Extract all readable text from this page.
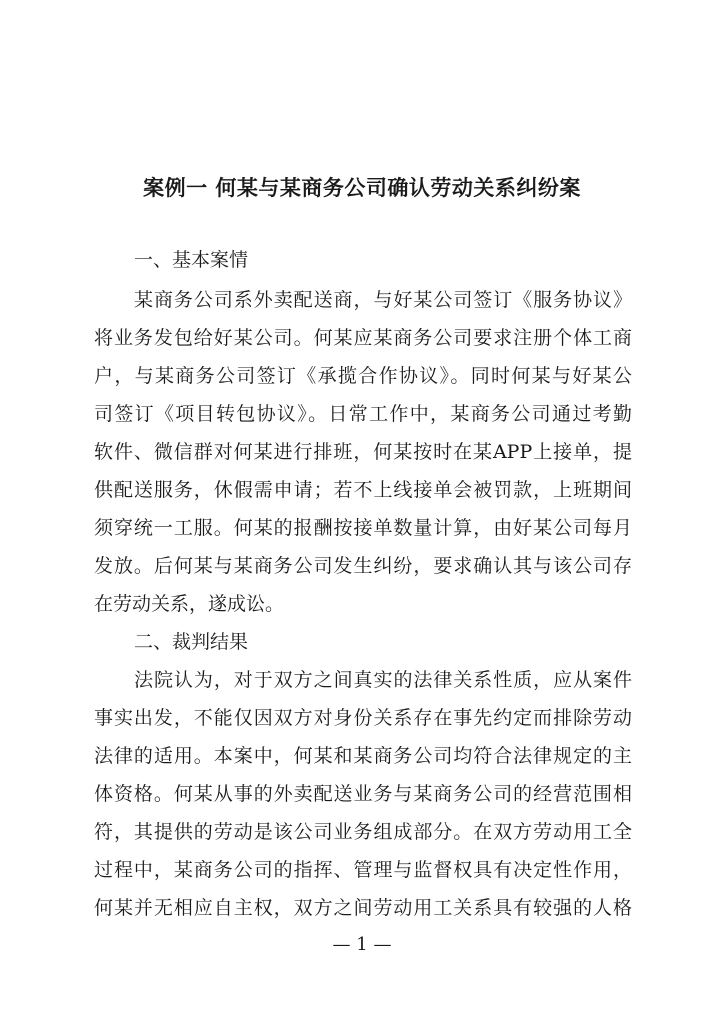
案例一 何某与某商务公司确认劳动关系纠纷案
一、基本案情
某商务公司系外卖配送商，与好某公司签订《服务协议》
将业务发包给好某公司。何某应某商务公司要求注册个体工商
户，与某商务公司签订《承揽合作协议》。同时何某与好某公
司签订《项目转包协议》。日常工作中，某商务公司通过考勤
软件、微信群对何某进行排班，何某按时在某APP上接单，提
供配送服务，休假需申请；若不上线接单会被罚款，上班期间
须穿统一工服。何某的报酬按接单数量计算，由好某公司每月
发放。后何某与某商务公司发生纠纷，要求确认其与该公司存
在劳动关系，遂成讼。
二、裁判结果
法院认为，对于双方之间真实的法律关系性质，应从案件
事实出发，不能仅因双方对身份关系存在事先约定而排除劳动
法律的适用。本案中，何某和某商务公司均符合法律规定的主
体资格。何某从事的外卖配送业务与某商务公司的经营范围相
符，其提供的劳动是该公司业务组成部分。在双方劳动用工全
过程中，某商务公司的指挥、管理与监督权具有决定性作用，
何某并无相应自主权，双方之间劳动用工关系具有较强的人格
— 1 —
